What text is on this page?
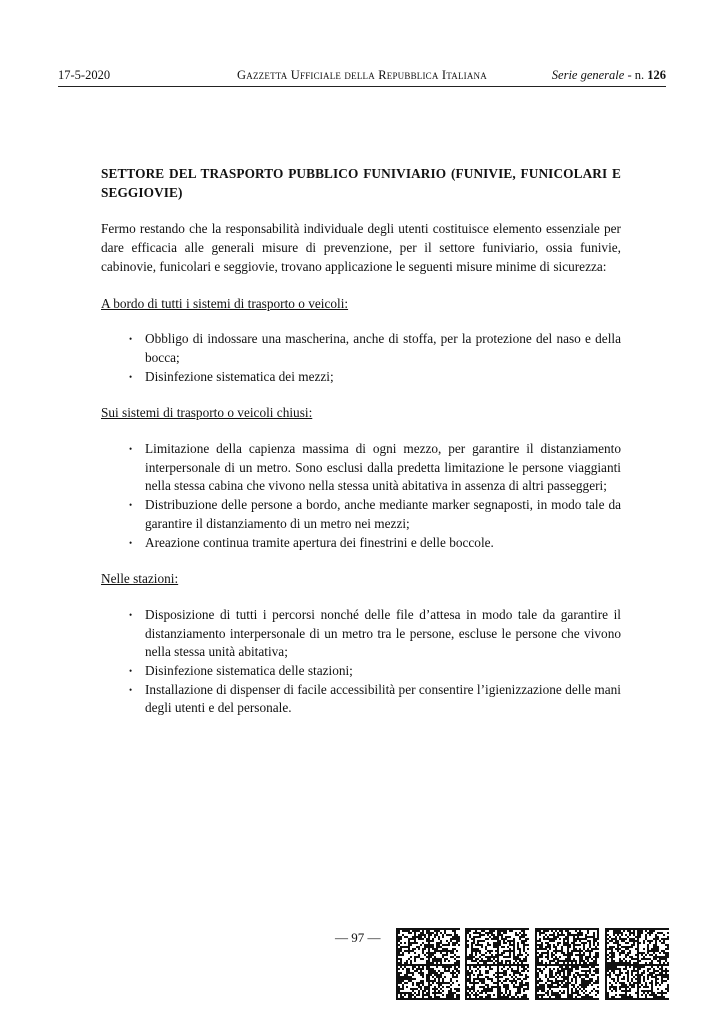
17-5-2020	Gazzetta Ufficiale della Repubblica Italiana	Serie generale - n. 126

SETTORE DEL TRASPORTO PUBBLICO FUNIVIARIO (FUNIVIE, FUNICOLARI E SEGGIOVIE)

Fermo restando che la responsabilità individuale degli utenti costituisce elemento essenziale per dare efficacia alle generali misure di prevenzione, per il settore funiviario, ossia funivie, cabinovie, funicolari e seggiovie, trovano applicazione le seguenti misure minime di sicurezza:

A bordo di tutti i sistemi di trasporto o veicoli:

• Obbligo di indossare una mascherina, anche di stoffa, per la protezione del naso e della bocca;
• Disinfezione sistematica dei mezzi;

Sui sistemi di trasporto o veicoli chiusi:

• Limitazione della capienza massima di ogni mezzo, per garantire il distanziamento interpersonale di un metro. Sono esclusi dalla predetta limitazione le persone viaggianti nella stessa cabina che vivono nella stessa unità abitativa in assenza di altri passeggeri;
• Distribuzione delle persone a bordo, anche mediante marker segnaposti, in modo tale da garantire il distanziamento di un metro nei mezzi;
• Areazione continua tramite apertura dei finestrini e delle boccole.

Nelle stazioni:

• Disposizione di tutti i percorsi nonché delle file d’attesa in modo tale da garantire il distanziamento interpersonale di un metro tra le persone, escluse le persone che vivono nella stessa unità abitativa;
• Disinfezione sistematica delle stazioni;
• Installazione di dispenser di facile accessibilità per consentire l’igienizzazione delle mani degli utenti e del personale.
— 97 —
